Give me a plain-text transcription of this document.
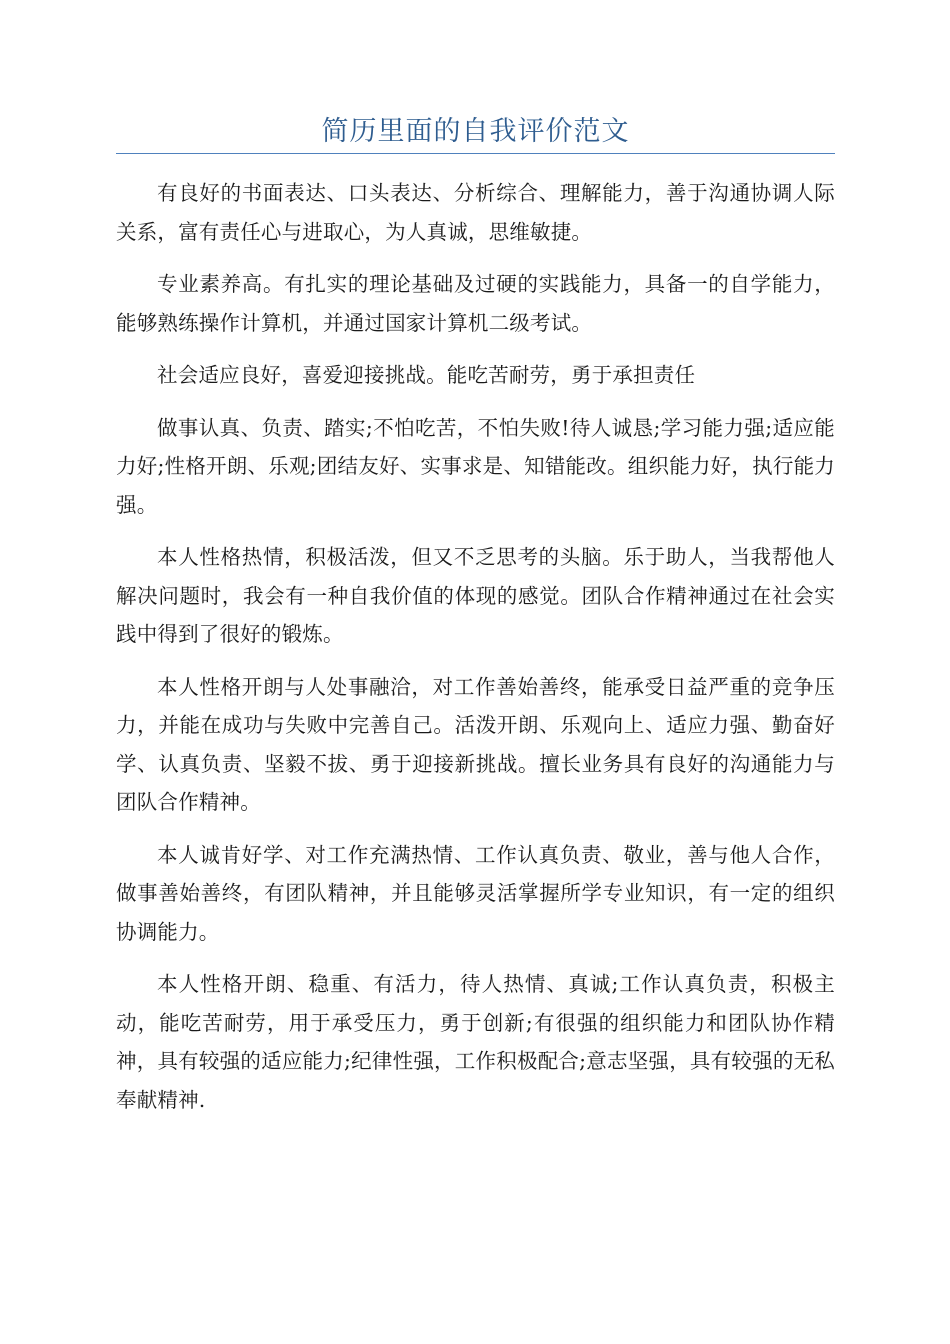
简历里面的自我评价范文

有良好的书面表达、口头表达、分析综合、理解能力，善于沟通协调人际关系，富有责任心与进取心，为人真诚，思维敏捷。

专业素养高。有扎实的理论基础及过硬的实践能力，具备一的自学能力，能够熟练操作计算机，并通过国家计算机二级考试。

社会适应良好，喜爱迎接挑战。能吃苦耐劳，勇于承担责任

做事认真、负责、踏实;不怕吃苦，不怕失败!待人诚恳;学习能力强;适应能力好;性格开朗、乐观;团结友好、实事求是、知错能改。组织能力好，执行能力强。

本人性格热情，积极活泼，但又不乏思考的头脑。乐于助人，当我帮他人解决问题时，我会有一种自我价值的体现的感觉。团队合作精神通过在社会实践中得到了很好的锻炼。

本人性格开朗与人处事融洽，对工作善始善终，能承受日益严重的竞争压力，并能在成功与失败中完善自己。活泼开朗、乐观向上、适应力强、勤奋好学、认真负责、坚毅不拔、勇于迎接新挑战。擅长业务具有良好的沟通能力与团队合作精神。

本人诚肯好学、对工作充满热情、工作认真负责、敬业，善与他人合作，做事善始善终，有团队精神，并且能够灵活掌握所学专业知识，有一定的组织协调能力。

本人性格开朗、稳重、有活力，待人热情、真诚;工作认真负责，积极主动，能吃苦耐劳，用于承受压力，勇于创新;有很强的组织能力和团队协作精神，具有较强的适应能力;纪律性强，工作积极配合;意志坚强，具有较强的无私奉献精神.
